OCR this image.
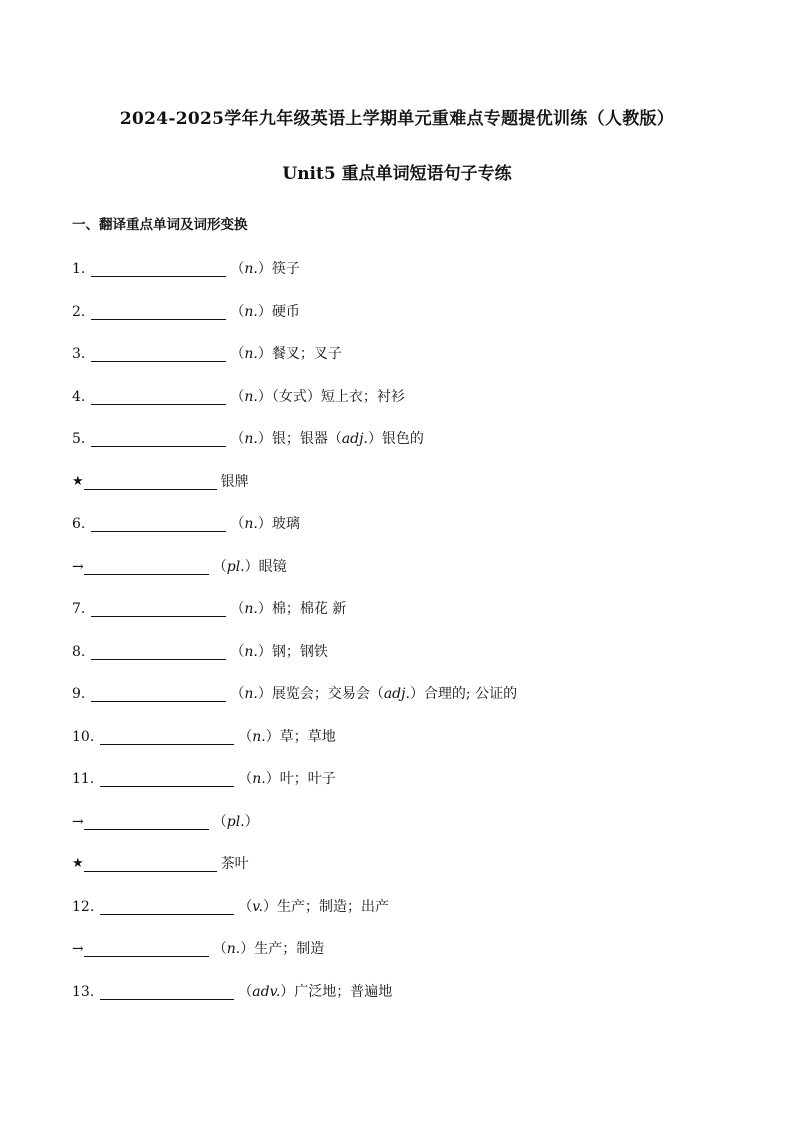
2024-2025学年九年级英语上学期单元重难点专题提优训练（人教版）
Unit5 重点单词短语句子专练
一、翻译重点单词及词形变换
1.	（ n. ）筷子
2.	（ n. ）硬币
3.	（ n. ）餐叉；叉子
4.	（ n. ）（女式）短上衣；衬衫
5.	（ n. ）银；银器（ adj. ）银色的
★	银牌
6.	（ n. ）玻璃
→	（ pl. ）眼镜
7.	（ n. ）棉；棉花 新
8.	（ n. ）钢；钢铁
9.	（ n. ）展览会；交易会（ adj. ）合理的; 公证的
10.	（ n. ）草；草地
11.	（ n. ）叶；叶子
→	（ pl. ）
★	茶叶
12.	（ v. ）生产；制造；出产
→	（ n. ）生产；制造
13.	（ adv. ）广泛地；普遍地
